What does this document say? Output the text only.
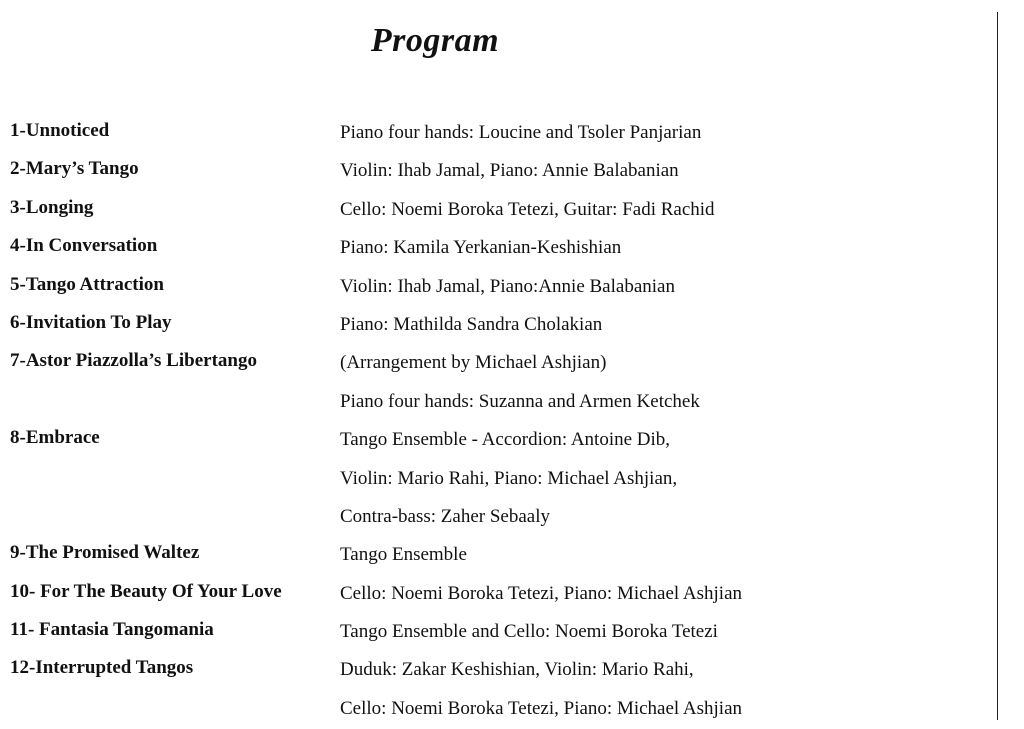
Program
1-Unnoticed	Piano four hands: Loucine and Tsoler Panjarian
2-Mary’s Tango	Violin: Ihab Jamal, Piano: Annie Balabanian
3-Longing	Cello: Noemi Boroka Tetezi, Guitar: Fadi Rachid
4-In Conversation	Piano: Kamila Yerkanian-Keshishian
5-Tango Attraction	Violin: Ihab Jamal, Piano:Annie Balabanian
6-Invitation To Play	Piano: Mathilda Sandra Cholakian
7-Astor Piazzolla’s Libertango	(Arrangement by Michael Ashjian)
Piano four hands: Suzanna and Armen Ketchek
8-Embrace	Tango Ensemble - Accordion: Antoine Dib,
Violin: Mario Rahi, Piano: Michael Ashjian,
Contra-bass: Zaher Sebaaly
9-The Promised Waltez	Tango Ensemble
10- For The Beauty Of Your Love	Cello: Noemi Boroka Tetezi, Piano: Michael Ashjian
11- Fantasia Tangomania	Tango Ensemble and Cello: Noemi Boroka Tetezi
12-Interrupted Tangos	Duduk: Zakar Keshishian, Violin: Mario Rahi,
Cello: Noemi Boroka Tetezi, Piano: Michael Ashjian
